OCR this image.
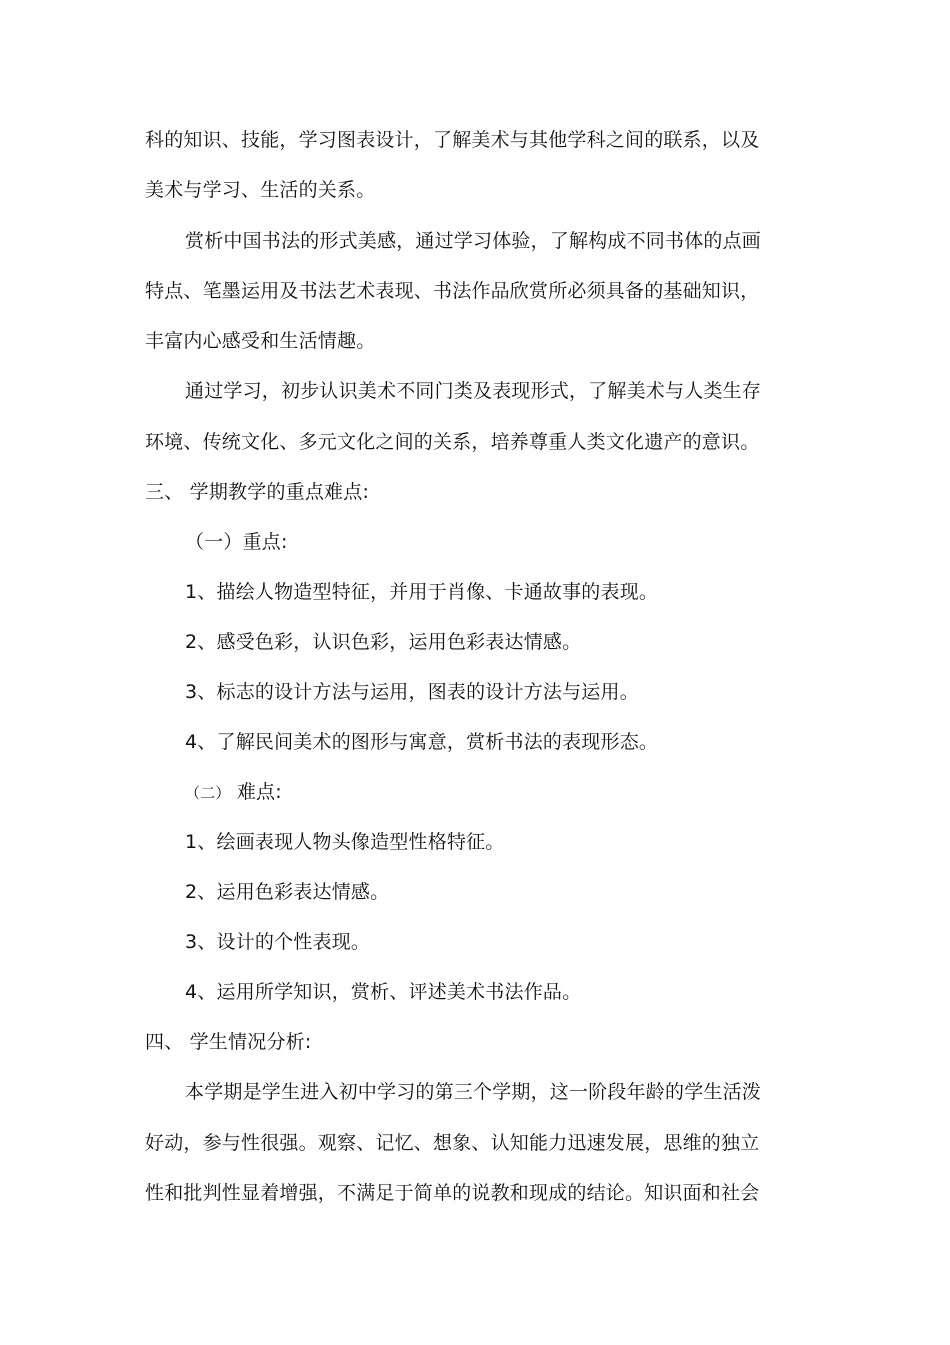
科的知识、技能，学习图表设计，了解美术与其他学科之间的联系，以及
美术与学习、生活的关系。
赏析中国书法的形式美感，通过学习体验，了解构成不同书体的点画
特点、笔墨运用及书法艺术表现、书法作品欣赏所必须具备的基础知识，
丰富内心感受和生活情趣。
通过学习，初步认识美术不同门类及表现形式，了解美术与人类生存
环境、传统文化、多元文化之间的关系，培养尊重人类文化遗产的意识。
三、 学期教学的重点难点:
（一）重点:
1、描绘人物造型特征，并用于肖像、卡通故事的表现。
2、感受色彩，认识色彩，运用色彩表达情感。
3、标志的设计方法与运用，图表的设计方法与运用。
4、了解民间美术的图形与寓意，赏析书法的表现形态。
（二） 难点:
1、绘画表现人物头像造型性格特征。
2、运用色彩表达情感。
3、设计的个性表现。
4、运用所学知识，赏析、评述美术书法作品。
四、 学生情况分析:
本学期是学生进入初中学习的第三个学期，这一阶段年龄的学生活泼
好动，参与性很强。观察、记忆、想象、认知能力迅速发展，思维的独立
性和批判性显着增强，不满足于简单的说教和现成的结论。知识面和社会
